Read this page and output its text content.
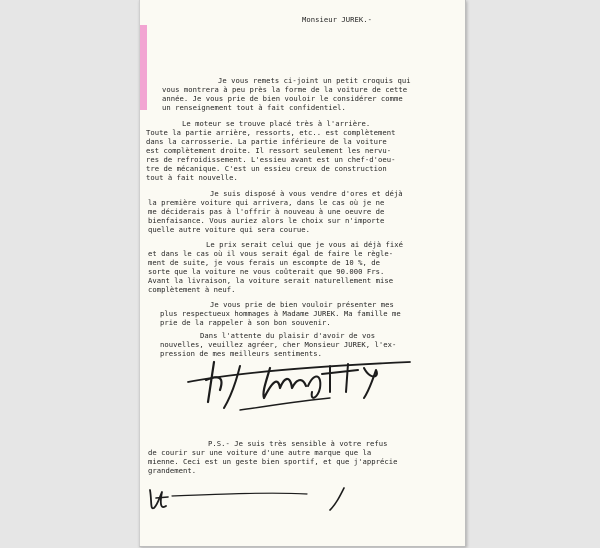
Monsieur JUREK.-
Je vous remets ci-joint un petit croquis qui
vous montrera à peu près la forme de la voiture de cette
année. Je vous prie de bien vouloir le considérer comme
un renseignement tout à fait confidentiel.
Le moteur se trouve placé très à l'arrière.
Toute la partie arrière, ressorts, etc.. est complètement
dans la carrosserie. La partie inférieure de la voiture
est complètement droite. Il ressort seulement les nervu-
res de refroidissement. L'essieu avant est un chef-d'oeu-
tre de mécanique. C'est un essieu creux de construction
tout à fait nouvelle.
Je suis disposé à vous vendre d'ores et déjà
la première voiture qui arrivera, dans le cas où je ne
me déciderais pas à l'offrir à nouveau à une oeuvre de
bienfaisance. Vous auriez alors le choix sur n'importe
quelle autre voiture qui sera courue.
Le prix serait celui que je vous ai déjà fixé
et dans le cas où il vous serait égal de faire le règle-
ment de suite, je vous ferais un escompte de 10 %, de
sorte que la voiture ne vous coûterait que 90.000 Frs.
Avant la livraison, la voiture serait naturellement mise
complètement à neuf.
Je vous prie de bien vouloir présenter mes
plus respectueux hommages à Madame JUREK. Ma famille me
prie de la rappeler à son bon souvenir.
Dans l'attente du plaisir d'avoir de vos
nouvelles, veuillez agréer, cher Monsieur JUREK, l'ex-
pression de mes meilleurs sentiments.
P.S.- Je suis très sensible à votre refus
de courir sur une voiture d'une autre marque que la
mienne. Ceci est un geste bien sportif, et que j'apprécie
grandement.
